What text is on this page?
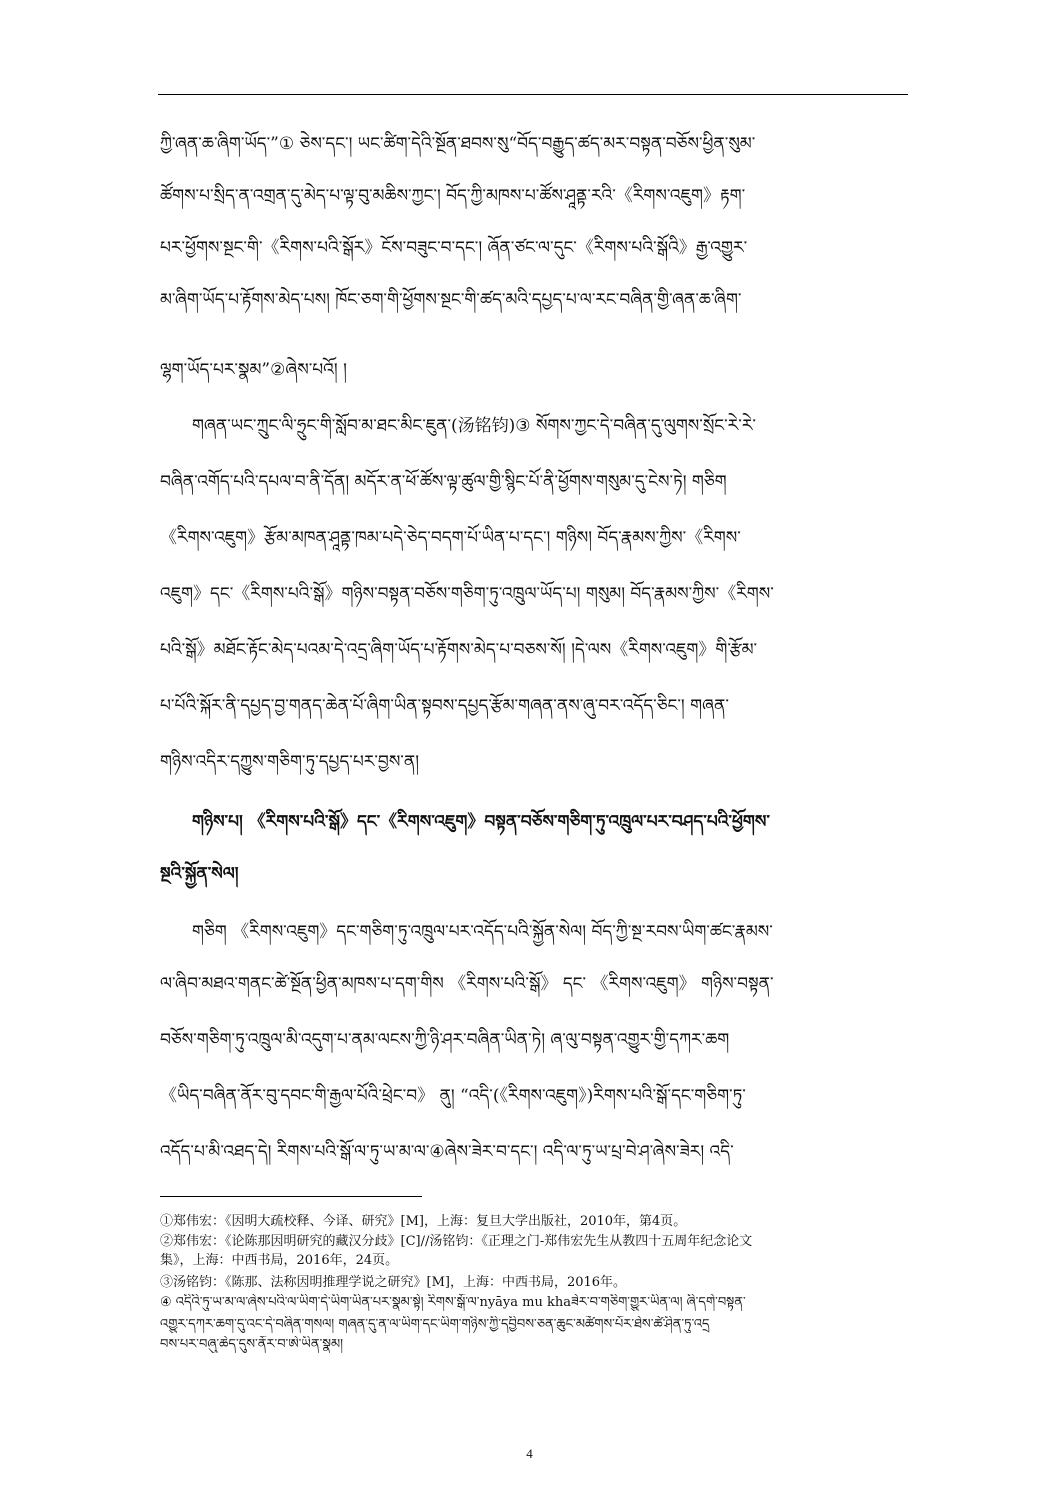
ཀྱི་ཞན་ཆ་ཞིག་ཡོད་”① ཅེས་དང་། ཡང་ཚིག་དེའི་སྔོན་ཐབས་སུ“བོད་བརྒྱུད་ཚད་མར་བསྟན་བཅོས་ཕྱིན་སུམ་
ཚོགས་པ་སྲིད་ན་འགྲན་དུ་མེད་པ་ལྟ་བུ་མཆིས་ཀྱང་། བོད་ཀྱི་མཁས་པ་ཚོས་ཤཱནྟ་རའི་《རིགས་འཇུག》རྟག་
པར་ཕྱོགས་སྔང་གི་《རིགས་པའི་སྒོར》ངོས་བཟུང་བ་དང་། ཞོན་ཙང་ལ་དུང་《རིགས་པའི་སྒོའི》རྒྱ་འགྱུར་
མ་ཞིག་ཡོད་པ་རྟོགས་མེད་པས། ཁོང་ཅག་གི་ཕྱོགས་སྔང་གི་ཚད་མའི་དཔྱད་པ་ལ་རང་བཞིན་གྱི་ཞན་ཆ་ཞིག་
ལྷག་ཡོད་པར་སྣམ”②ཞེས་པའོ། །
གཞན་ཡང་ཀྲུང་ལི་ཧྲུང་གི་སློབ་མ་ཐང་མིང་ཇུན་(汤铭钧)③ སོགས་ཀྱང་དེ་བཞིན་དུ་ལུགས་སྲོང་རེ་རེ་
བཞིན་འགོད་པའི་དཔལ་བ་ནི་དོན། མདོར་ན་ཕོ་ཚོས་ལྟ་ཚུལ་གྱི་སྙིང་པོ་ནི་ཕྱོགས་གསུམ་དུ་ངེས་ཏེ། གཅིག
《རིགས་འཇུག》རྩོམ་མཁན་ཤཱནྟ་ཁམ་པདེ་ཅེད་བདག་པོ་ཡིན་པ་དང་། གཉིས། བོད་རྣམས་ཀྱིས་《རིགས་
འཇུག》དང་《རིགས་པའི་སྒོ》གཉིས་བསྟན་བཅོས་གཅིག་ཏུ་འཁྲུལ་ཡོད་པ། གསུམ། བོད་རྣམས་ཀྱིས་《རིགས་
པའི་སྒོ》མཐོང་རྟོང་མེད་པའམ་དེ་འདྲ་ཞིག་ཡོད་པ་རྟོགས་མེད་པ་བཅས་སོ། །དེ་ལས《རིགས་འཇུག》གི་རྩོམ་
པ་པོའི་སྐོར་ནི་དཔྱད་བྱ་གནད་ཆེན་པོ་ཞིག་ཡིན་སྟབས་དཔྱད་རྩོམ་གཞན་ནས་ཞུ་བར་འདོད་ཅིང་། གཞན་
གཉིས་འདིར་དཀྱུས་གཅིག་ཏུ་དཔྱད་པར་བྱས་ན།
གཉིས་པ། 《རིགས་པའི་སྒོ》དང་《རིགས་འཇུག》བསྟན་བཅོས་གཅིག་ཏུ་འཁྲུལ་པར་བཤད་པའི་ཕྱོགས་
སྔའི་སྐྱོན་སེལ།
གཅིག 《རིགས་འཇུག》དང་གཅིག་ཏུ་འཁྲུལ་པར་འདོད་པའི་སྐྱོན་སེལ། བོད་ཀྱི་སྔ་རབས་ཡིག་ཚང་རྣམས་
ལ་ཞིབ་མཐའ་གནང་ཚེ་སྔོན་ཕྱིན་མཁས་པ་དག་གིས 《རིགས་པའི་སྒོ》 དང་ 《རིགས་འཇུག》 གཉིས་བསྟན་
བཅོས་གཅིག་ཏུ་འཁྲུལ་མི་འདུག་པ་ནམ་ལངས་ཀྱི་ཉི་ཤར་བཞིན་ཡིན་ཏེ། ཞ་ལུ་བསྟན་འགྱུར་གྱི་དཀར་ཆག
《ཡིད་བཞིན་ནོར་བུ་དབང་གི་རྒྱལ་པོའི་ཕྲེང་བ》 ནུ། “འདི་(《རིགས་འཇུག》)རིགས་པའི་སྒོ་དང་གཅིག་ཏུ་
འདོད་པ་མི་འཐད་དེ། རིགས་པའི་སྒོ་ལ་ཏུ་ཡ་མ་ལ་④ཞེས་ཟེར་བ་དང་། འདི་ལ་ཏུ་ཡ་པྲ་བེ་ཤ་ཞེས་ཟེར། འདི་
①郑伟宏：《因明大疏校释、今译、研究》[M]，上海：复旦大学出版社，2010年，第4页。
②郑伟宏：《论陈那因明研究的藏汉分歧》[C]//汤铭钧：《正理之门-郑伟宏先生从教四十五周年纪念论文
集》，上海：中西书局，2016年，24页。
③汤铭钧：《陈那、法称因明推理学说之研究》[M]，上海：中西书局，2016年。
④ འདིའི་ཏུ་ཡ་མ་ལ་ཞེས་པའི་ལ་ཡིག་དེ་ཡིག་ཡིན་པར་སྣམ་སྟེ། རིགས་སྒོ་ལ་nyāya mu khaཟེར་བ་གཅིག་གྱུར་ཡིན་ལ། ཞི་དགེ་བསྟན་
འགྱུར་དཀར་ཆག་དུ་འང་དེ་བཞིན་གསལ། གཞན་དུ་ན་ལ་ཡིག་དང་ཡིག་གཉིས་ཀྱི་དབྱིབས་ཅན་ཆུང་མཚོགས་པོར་ཐེས་ཚེ་ཤིན་ཏུ་འདྲ
བས་པར་བཞུ་ཆེད་དུས་ནོར་བ་ཨེ་ཡིན་སྣམ།
4
